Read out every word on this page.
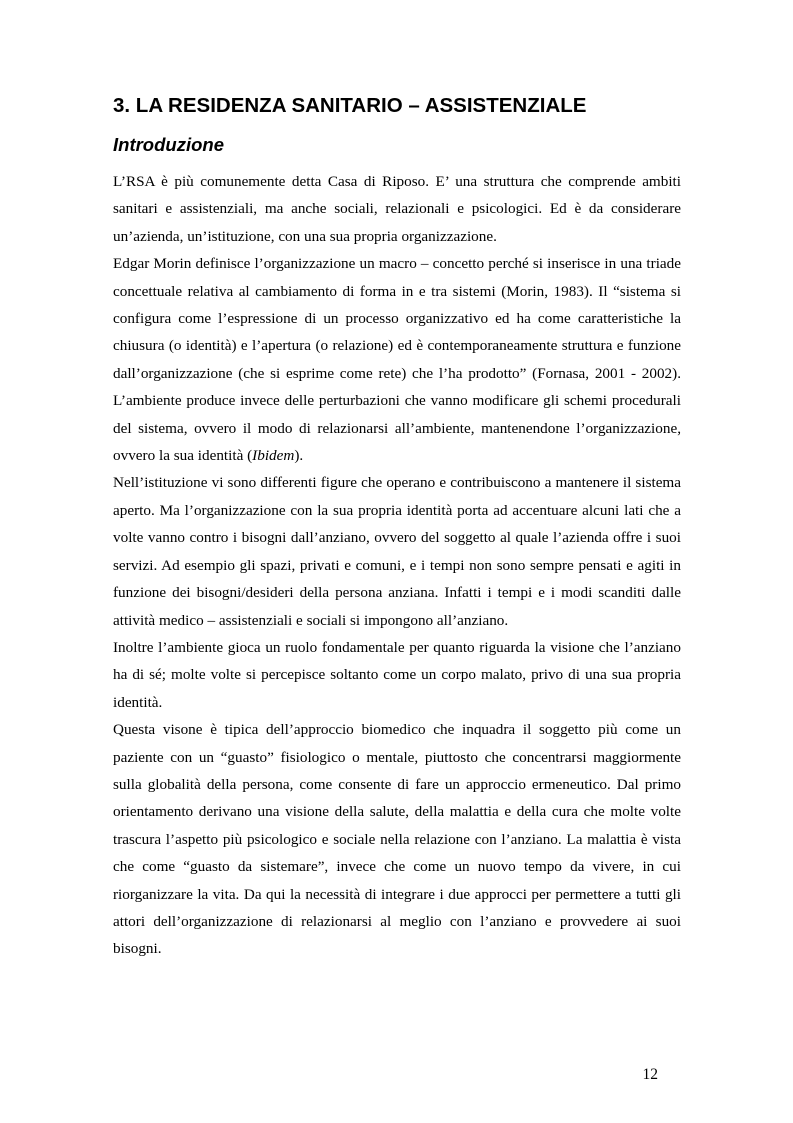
3. LA RESIDENZA SANITARIO – ASSISTENZIALE
Introduzione

L’RSA è più comunemente detta Casa di Riposo. E’ una struttura che comprende ambiti sanitari e assistenziali, ma anche sociali, relazionali e psicologici. Ed è da considerare un’azienda, un’istituzione, con una sua propria organizzazione.

Edgar Morin definisce l’organizzazione un macro – concetto perché si inserisce in una triade concettuale relativa al cambiamento di forma in e tra sistemi (Morin, 1983). Il “sistema si configura come l’espressione di un processo organizzativo ed ha come caratteristiche la chiusura (o identità) e l’apertura (o relazione) ed è contemporaneamente struttura e funzione dall’organizzazione (che si esprime come rete) che l’ha prodotto” (Fornasa, 2001 - 2002). L’ambiente produce invece delle perturbazioni che vanno modificare gli schemi procedurali del sistema, ovvero il modo di relazionarsi all’ambiente, mantenendone l’organizzazione, ovvero la sua identità (Ibidem).

Nell’istituzione vi sono differenti figure che operano e contribuiscono a mantenere il sistema aperto. Ma l’organizzazione con la sua propria identità porta ad accentuare alcuni lati che a volte vanno contro i bisogni dall’anziano, ovvero del soggetto al quale l’azienda offre i suoi servizi. Ad esempio gli spazi, privati e comuni, e i tempi non sono sempre pensati e agiti in funzione dei bisogni/desideri della persona anziana. Infatti i tempi e i modi scanditi dalle attività medico – assistenziali e sociali si impongono all’anziano.

Inoltre l’ambiente gioca un ruolo fondamentale per quanto riguarda la visione che l’anziano ha di sé; molte volte si percepisce soltanto come un corpo malato, privo di una sua propria identità.

Questa visone è tipica dell’approccio biomedico che inquadra il soggetto più come un paziente con un “guasto” fisiologico o mentale, piuttosto che concentrarsi maggiormente sulla globalità della persona, come consente di fare un approccio ermeneutico. Dal primo orientamento derivano una visione della salute, della malattia e della cura che molte volte trascura l’aspetto più psicologico e sociale nella relazione con l’anziano. La malattia è vista che come “guasto da sistemare”, invece che come un nuovo tempo da vivere, in cui riorganizzare la vita. Da qui la necessità di integrare i due approcci per permettere a tutti gli attori dell’organizzazione di relazionarsi al meglio con l’anziano e provvedere ai suoi bisogni.

12
